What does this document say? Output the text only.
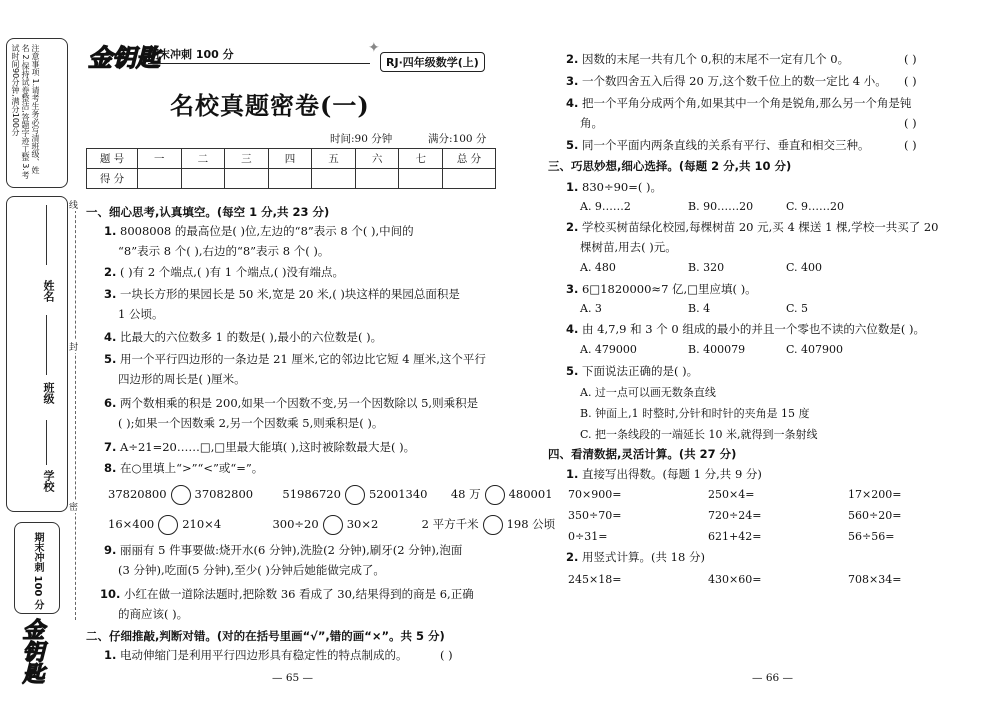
注意事项 1.请考生务必写清班级、姓名 2.保持试卷整洁,答题字迹工整 3.考试时间90分钟,满分100分
姓名
班级
学校
期末冲刺 100 分
金钥匙
线
封
密
金钥匙
期末冲刺 100 分	✦
RJ·四年级数学(上)
名校真题密卷(一)
时间:90 分钟	满分:100 分
题 号	一	二	三	四	五	六	七	总 分
得 分								
一、细心思考,认真填空。(每空 1 分,共 23 分)
1. 8008008 的最高位是( )位,左边的“8”表示 8 个( ),中间的
“8”表示 8 个( ),右边的“8”表示 8 个( )。
2. ( )有 2 个端点,( )有 1 个端点,( )没有端点。
3. 一块长方形的果园长是 50 米,宽是 20 米,( )块这样的果园总面积是
1 公顷。
4. 比最大的六位数多 1 的数是( ),最小的六位数是( )。
5. 用一个平行四边形的一条边是 21 厘米,它的邻边比它短 4 厘米,这个平行
四边形的周长是( )厘米。
6. 两个数相乘的积是 200,如果一个因数不变,另一个因数除以 5,则乘积是
( );如果一个因数乘 2,另一个因数乘 5,则乘积是( )。
7. A÷21=20……□,□里最大能填( ),这时被除数最大是( )。
8. 在○里填上“>”“<”或“=”。
37820800 37082800	51986720 52001340 48 万 480001
16×400 210×4	300÷20 30×2	2 平方千米 198 公顷
9. 丽丽有 5 件事要做:烧开水(6 分钟),洗脸(2 分钟),刷牙(2 分钟),泡面
(3 分钟),吃面(5 分钟),至少( )分钟后她能做完成了。
10. 小红在做一道除法题时,把除数 36 看成了 30,结果得到的商是 6,正确
的商应该( )。
二、仔细推敲,判断对错。(对的在括号里画“√”,错的画“×”。共 5 分)
1. 电动伸缩门是利用平行四边形具有稳定性的特点制成的。	( )
— 65 —
2. 因数的末尾一共有几个 0,积的末尾不一定有几个 0。	( )
3. 一个数四舍五入后得 20 万,这个数千位上的数一定比 4 小。 ( )
4. 把一个平角分成两个角,如果其中一个角是锐角,那么另一个角是钝
角。	( )
5. 同一个平面内两条直线的关系有平行、垂直和相交三种。	( )
三、巧思妙想,细心选择。(每题 2 分,共 10 分)
1. 830÷90=( )。
A. 9……2	B. 90……20	C. 9……20
2. 学校买树苗绿化校园,每棵树苗 20 元,买 4 棵送 1 棵,学校一共买了 20
棵树苗,用去( )元。
A. 480	B. 320	C. 400
3. 6□1820000≈7 亿,□里应填( )。
A. 3	B. 4	C. 5
4. 由 4,7,9 和 3 个 0 组成的最小的并且一个零也不读的六位数是( )。
A. 479000	B. 400079	C. 407900
5. 下面说法正确的是( )。
A. 过一点可以画无数条直线
B. 钟面上,1 时整时,分针和时针的夹角是 15 度
C. 把一条线段的一端延长 10 米,就得到一条射线
四、看清数据,灵活计算。(共 27 分)
1. 直接写出得数。(每题 1 分,共 9 分)
70×900=	250×4=	17×200=
350÷70=	720÷24=	560÷20=
0÷31=	621+42=	56÷56=
2. 用竖式计算。(共 18 分)
245×18=	430×60=	708×34=
— 66 —
